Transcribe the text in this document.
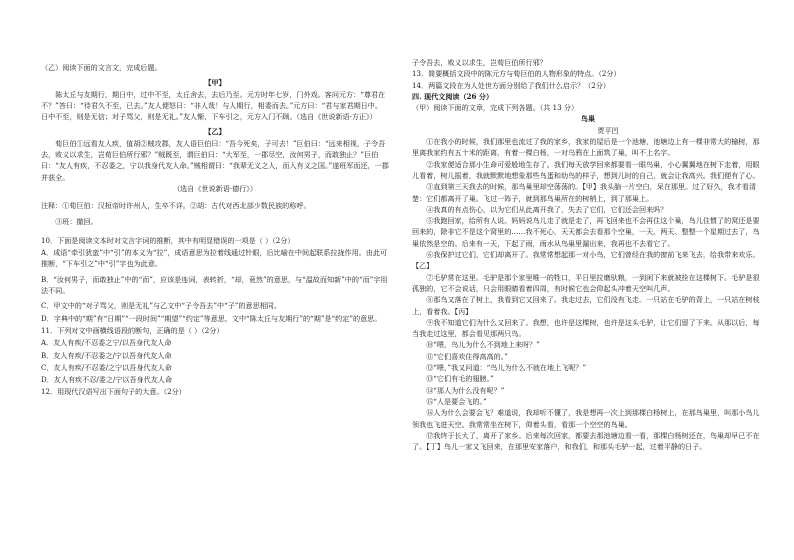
（乙）阅读下面的文言文，完成后题。

【甲】

陈太丘与友期行，期日中，过中不至，太丘舍去，去后乃至。元方时年七岁，门外戏。客问元方：“尊君在不？”答曰：“待君久不至，已去。”友人便怒曰：“非人哉！与人期行，相委而去。”元方曰：“君与家君期日中。日中不至，则是无信；对子骂父，则是无礼。”友人惭，下车引之，元方入门不顾。（选自《世说新语·方正》）

【乙】

荀巨伯①远看友人疾，值胡②贼攻郡，友人语巨伯曰：“吾今死矣，子可去！”巨伯曰：“远来相视，子令吾去，败义以求生，岂荀巨伯所行邪？”贼既至，谓巨伯曰：“大军至，一郡尽空，汝何男子，而敢独止？”巨伯曰：“友人有疾，不忍委之，宁以我身代友人命。”贼相谓曰：“我辈无义之人，而入有义之国。”遂班军而还，一郡并获全。

（选自《世说新语·德行》）

注释：①荀巨伯：汉桓帝时许州人，生卒不详。②胡：古代对西北部少数民族的称呼。

③班：撤回。

10．下面是阅读文本时对文言字词的推断，其中有明显错误的一项是（ ）（2分）

A．成语“牵引犹蛮”中“引”的本义为“拉”，成语意思为拉着线通过针眼，后比喻在中间起联系拉拢作用。由此可推断，“下车引之”中“引”字也为此意。

B．“汝何男子，而敢独止”中的“而”，应该是连词，表转折，“却，竟然”的意思，与“温故而知新”中的“而”字用法不同。

C．甲文中的“对子骂父，则是无礼”与乙文中“子令吾去”中“子”的意思相同。

D．字典中的“期”有“日期”“一段时间”“期望”“约定”等意思，文中“陈太丘与友期行”的“期”是“约定”的意思。

11．下列对文中画横线语段的断句，正确的是（ ）（2分）

A．友人有疾/不忍委之宁/以吾身代友人命

B．友人有疾/不忍委之/宁以吾身代友人命

C．友人有疾/不忍委/之宁以吾身代友人命

D．友人有疾不忍/委之/宁以吾身代友人命

12．用现代汉语写出下面句子的大意。（2分）

子令吾去，败义以求生，岂荀巨伯所行邪？

13．简要概括文段中的陈元方与荀巨伯的人物形象的特点。（2分）

14．两篇文段在为人处世方面分别给了我们什么启示？（2分）

四. 现代文阅读（26 分）

（甲）阅读下面的文章，完成下列各题。（共 13 分）

鸟巢

贾平凹

①在我小的时候，我们那里也流过了我的家乡，我家的屋后是一个池塘，池塘边上有一棵非常大的榆树，那里离我家约有五十米的距离，有着一棵白杨，一对乌鸦在上面筑了巢，叫不上名字。

②我家便适合那小生命可爱般地生存了。我们每天放学回来都要看一眼鸟巢，小心翼翼地在树下走着，用眼儿看着，树儿摇着，我就默默地想象那些鸟蛋和幼鸟的样子，想到儿时的自己，就会让我高兴。我们便有了心。

③直到第三天我去的时候，那鸟巢里却空荡荡的。【甲】我头脑一片空白，呆在那里。过了好久，我才看清楚：它们都离开了巢。飞过一阵子，就到那鸟巢所在的树梢上，到了那巢上。

④我真的有点伤心，以为它们从此离开我了，失去了它们，它们还会回来吗？

⑤我跑回家，给所有人说。妈妈说鸟儿走了就是走了，再飞回来也不会再住这个巢，鸟儿住惯了的窝还是要回来的，除非它不是这个窝里的……我不死心，天天都会去看那个空巢，一天、两天、整整一个星期过去了，鸟巢依然是空的。后来有一天，下起了雨，雨水从鸟巢里漏出来，我再也不去看它了。

⑥我保护过它们，它们却离开了。我常常想起那一对小鸟，它们曾经在我的窗前飞来飞去，给我带来欢乐。【乙】

⑦毛驴常在这里。毛驴是那个家里唯一的牲口，平日里拉磨驮粮，一到闲下来就被拴在这棵树下。毛驴是很孤独的，它不会说话，只会用眼睛看着四周，有时候它也会仰起头冲着天空叫几声。

⑧那鸟又落在了树上，我看到它又回来了。我走过去，它们没有飞走。一只站在毛驴的背上，一只站在树枝上，看着我。【丙】

⑨我不知道它们为什么又回来了。我想，也许是这棵树，也许是这头毛驴，让它们留了下来。从那以后，每当我走过这里，都会看见那两只鸟。

⑩“喂，鸟儿为什么不到地上来呀？”

⑪“它们喜欢住得高高的。”

⑫“喂，”我又问道：“鸟儿为什么不就在地上飞呢？”

⑬“它们有毛的翅膀。”

⑭“那人为什么没有呢？”

⑮“人是要会飞的。”

⑯人为什么会要会飞？难道说，我却听不懂了，我是想再一次上到那棵白杨树上，在那鸟巢里，叫那小鸟儿领我也飞进天空。我常常坐在树下，仰着头看，看那一个空空的鸟巢。

⑰我终于长大了，离开了家乡。后来每次回家，都要去那池塘边看一看，那棵白杨树还在，鸟巢却早已不在了。【丁】鸟儿一家又飞回来，在那里安家落户，和我们，和那头毛驴一起，过着平静的日子。
